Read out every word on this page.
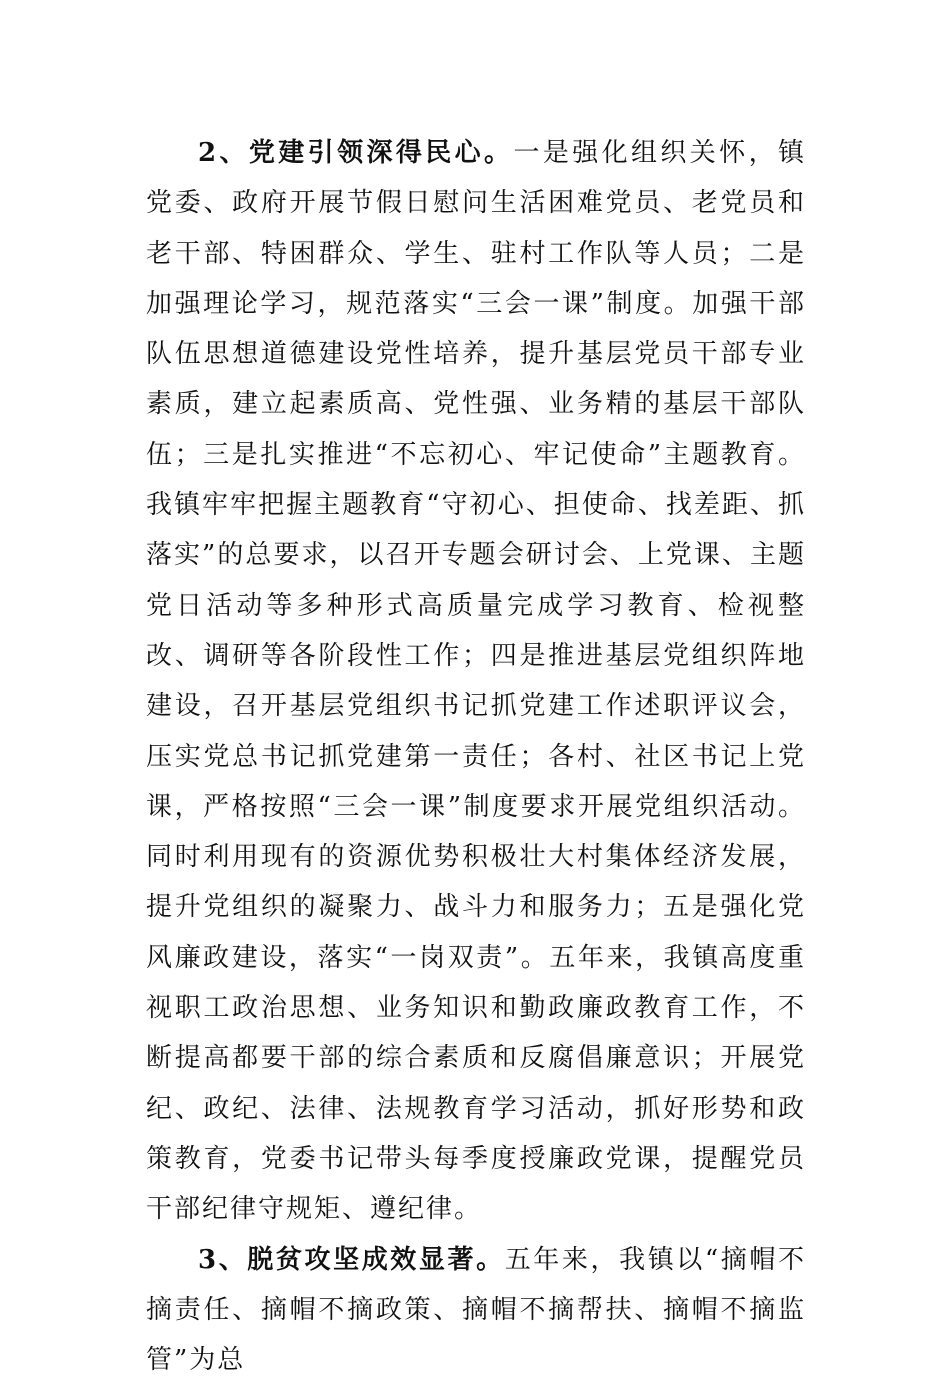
2、党建引领深得民心。一是强化组织关怀，镇党委、政府开展节假日慰问生活困难党员、老党员和老干部、特困群众、学生、驻村工作队等人员；二是加强理论学习，规范落实“三会一课”制度。加强干部队伍思想道德建设党性培养，提升基层党员干部专业素质，建立起素质高、党性强、业务精的基层干部队伍；三是扎实推进“不忘初心、牢记使命”主题教育。我镇牢牢把握主题教育“守初心、担使命、找差距、抓落实”的总要求，以召开专题会研讨会、上党课、主题党日活动等多种形式高质量完成学习教育、检视整改、调研等各阶段性工作；四是推进基层党组织阵地建设，召开基层党组织书记抓党建工作述职评议会，压实党总书记抓党建第一责任；各村、社区书记上党课，严格按照“三会一课”制度要求开展党组织活动。同时利用现有的资源优势积极壮大村集体经济发展，提升党组织的凝聚力、战斗力和服务力；五是强化党风廉政建设，落实“一岗双责”。五年来，我镇高度重视职工政治思想、业务知识和勤政廉政教育工作，不断提高都要干部的综合素质和反腐倡廉意识；开展党纪、政纪、法律、法规教育学习活动，抓好形势和政策教育，党委书记带头每季度授廉政党课，提醒党员干部纪律守规矩、遵纪律。

3、脱贫攻坚成效显著。五年来，我镇以“摘帽不摘责任、摘帽不摘政策、摘帽不摘帮扶、摘帽不摘监管”为总
